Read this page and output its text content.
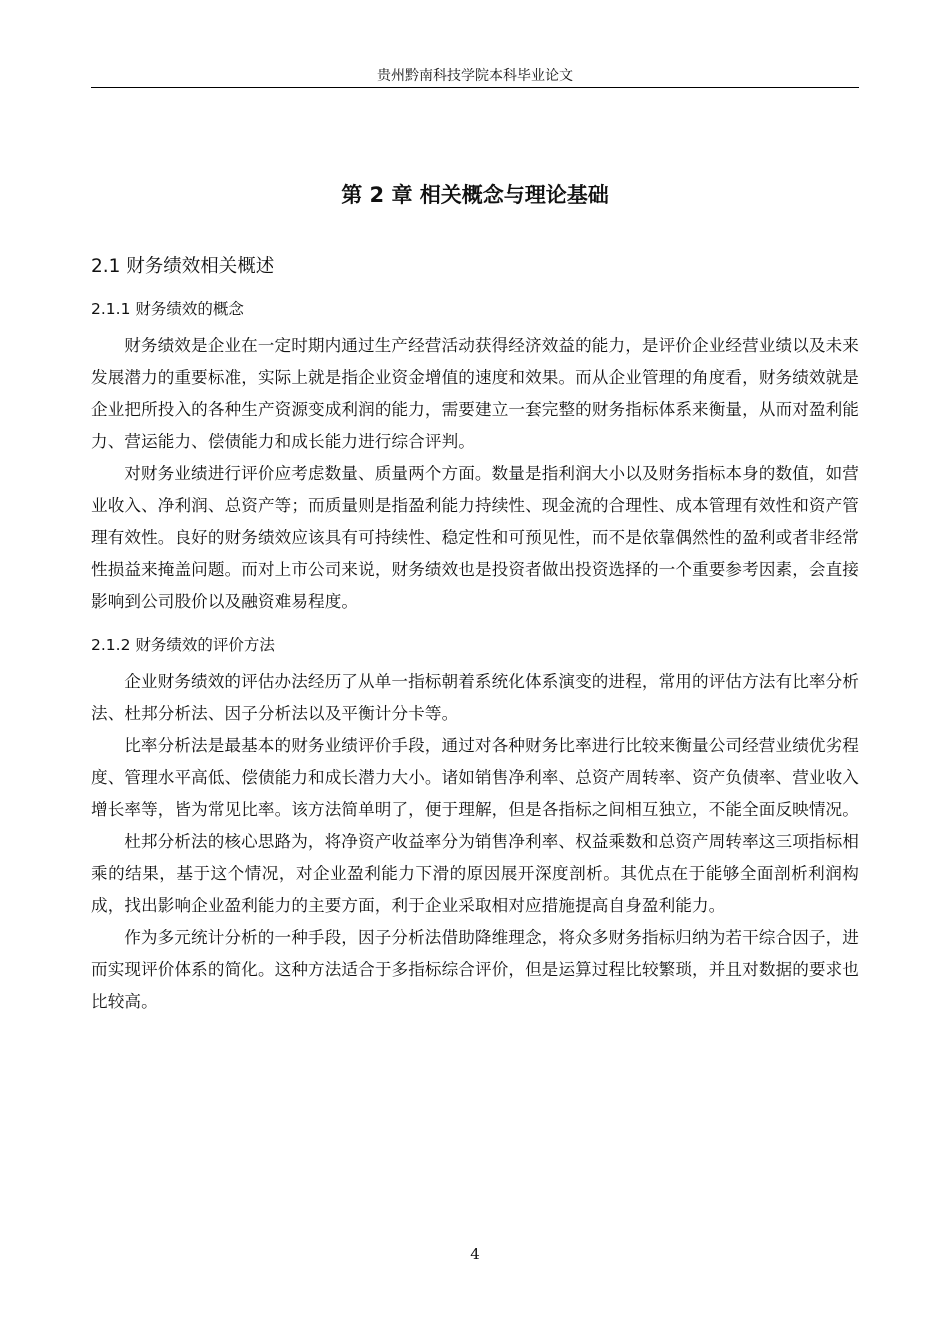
贵州黔南科技学院本科毕业论文
第 2 章 相关概念与理论基础
2.1 财务绩效相关概述
2.1.1 财务绩效的概念

财务绩效是企业在一定时期内通过生产经营活动获得经济效益的能力，是评价企业经营业绩以及未来发展潜力的重要标准，实际上就是指企业资金增值的速度和效果。而从企业管理的角度看，财务绩效就是企业把所投入的各种生产资源变成利润的能力，需要建立一套完整的财务指标体系来衡量，从而对盈利能力、营运能力、偿债能力和成长能力进行综合评判。

对财务业绩进行评价应考虑数量、质量两个方面。数量是指利润大小以及财务指标本身的数值，如营业收入、净利润、总资产等；而质量则是指盈利能力持续性、现金流的合理性、成本管理有效性和资产管理有效性。良好的财务绩效应该具有可持续性、稳定性和可预见性，而不是依靠偶然性的盈利或者非经常性损益来掩盖问题。而对上市公司来说，财务绩效也是投资者做出投资选择的一个重要参考因素，会直接影响到公司股价以及融资难易程度。

2.1.2 财务绩效的评价方法

企业财务绩效的评估办法经历了从单一指标朝着系统化体系演变的进程，常用的评估方法有比率分析法、杜邦分析法、因子分析法以及平衡计分卡等。

比率分析法是最基本的财务业绩评价手段，通过对各种财务比率进行比较来衡量公司经营业绩优劣程度、管理水平高低、偿债能力和成长潜力大小。诸如销售净利率、总资产周转率、资产负债率、营业收入增长率等，皆为常见比率。该方法简单明了，便于理解，但是各指标之间相互独立，不能全面反映情况。

杜邦分析法的核心思路为，将净资产收益率分为销售净利率、权益乘数和总资产周转率这三项指标相乘的结果，基于这个情况，对企业盈利能力下滑的原因展开深度剖析。其优点在于能够全面剖析利润构成，找出影响企业盈利能力的主要方面，利于企业采取相对应措施提高自身盈利能力。

作为多元统计分析的一种手段，因子分析法借助降维理念，将众多财务指标归纳为若干综合因子，进而实现评价体系的简化。这种方法适合于多指标综合评价，但是运算过程比较繁琐，并且对数据的要求也比较高。

4
